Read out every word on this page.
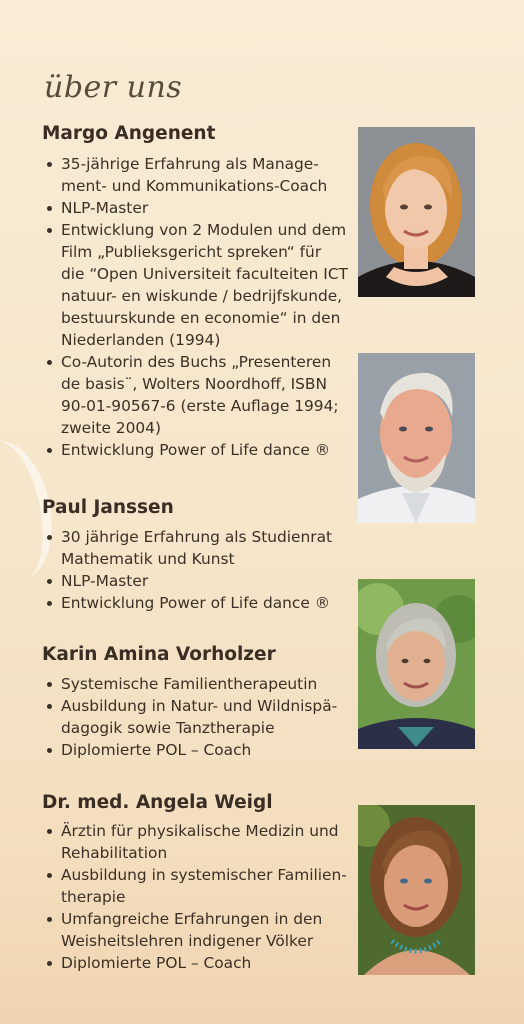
über uns
Margo Angenent
35-jährige Erfahrung als Manage-
ment- und Kommunikations-Coach
NLP-Master
Entwicklung von 2 Modulen und dem
Film „Publieksgericht spreken“ für
die “Open Universiteit faculteiten ICT
natuur- en wiskunde / bedrijfskunde,
bestuurskunde en economie“ in den
Niederlanden (1994)
Co-Autorin des Buchs „Presenteren
de basis¨, Wolters Noordhoff, ISBN
90-01-90567-6 (erste Auflage 1994;
zweite 2004)
Entwicklung Power of Life dance ®
Paul Janssen
30 jährige Erfahrung als Studienrat
Mathematik und Kunst
NLP-Master
Entwicklung Power of Life dance ®
Karin Amina Vorholzer
Systemische Familientherapeutin
Ausbildung in Natur- und Wildnispä-
dagogik sowie Tanztherapie
Diplomierte POL – Coach
Dr. med. Angela Weigl
Ärztin für physikalische Medizin und
Rehabilitation
Ausbildung in systemischer Familien-
therapie
Umfangreiche Erfahrungen in den
Weisheitslehren indigener Völker
Diplomierte POL – Coach
